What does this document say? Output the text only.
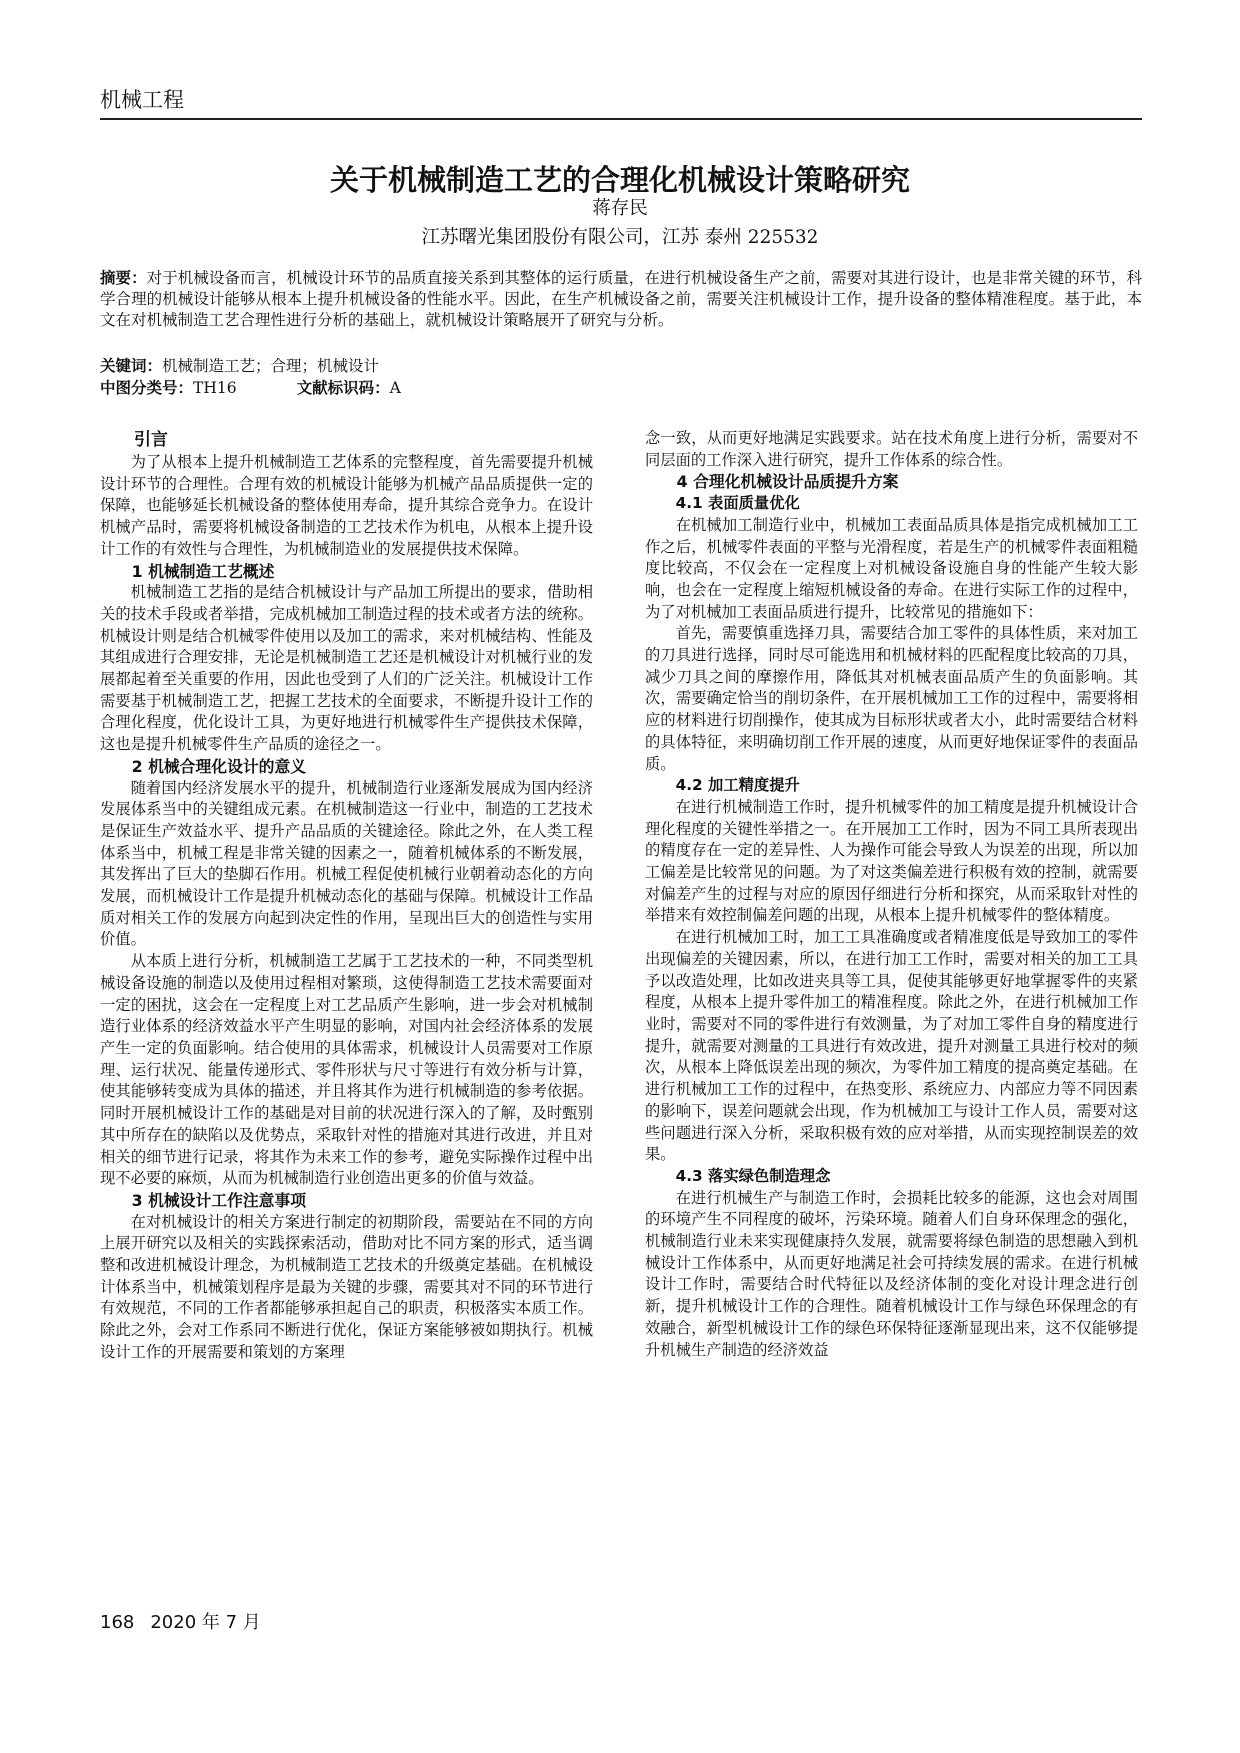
机械工程
关于机械制造工艺的合理化机械设计策略研究
蒋存民
江苏曙光集团股份有限公司，江苏 泰州 225532
摘要：对于机械设备而言，机械设计环节的品质直接关系到其整体的运行质量，在进行机械设备生产之前，需要对其进行设计，也是非常关键的环节，科学合理的机械设计能够从根本上提升机械设备的性能水平。因此，在生产机械设备之前，需要关注机械设计工作，提升设备的整体精准程度。基于此，本文在对机械制造工艺合理性进行分析的基础上，就机械设计策略展开了研究与分析。
关键词：机械制造工艺；合理；机械设计
中图分类号：TH16	文献标识码：A
引言

为了从根本上提升机械制造工艺体系的完整程度，首先需要提升机械设计环节的合理性。合理有效的机械设计能够为机械产品品质提供一定的保障，也能够延长机械设备的整体使用寿命，提升其综合竞争力。在设计机械产品时，需要将机械设备制造的工艺技术作为机电，从根本上提升设计工作的有效性与合理性，为机械制造业的发展提供技术保障。

1 机械制造工艺概述

机械制造工艺指的是结合机械设计与产品加工所提出的要求，借助相关的技术手段或者举措，完成机械加工制造过程的技术或者方法的统称。机械设计则是结合机械零件使用以及加工的需求，来对机械结构、性能及其组成进行合理安排，无论是机械制造工艺还是机械设计对机械行业的发展都起着至关重要的作用，因此也受到了人们的广泛关注。机械设计工作需要基于机械制造工艺，把握工艺技术的全面要求，不断提升设计工作的合理化程度，优化设计工具，为更好地进行机械零件生产提供技术保障，这也是提升机械零件生产品质的途径之一。

2 机械合理化设计的意义

随着国内经济发展水平的提升，机械制造行业逐渐发展成为国内经济发展体系当中的关键组成元素。在机械制造这一行业中，制造的工艺技术是保证生产效益水平、提升产品品质的关键途径。除此之外，在人类工程体系当中，机械工程是非常关键的因素之一，随着机械体系的不断发展，其发挥出了巨大的垫脚石作用。机械工程促使机械行业朝着动态化的方向发展，而机械设计工作是提升机械动态化的基础与保障。机械设计工作品质对相关工作的发展方向起到决定性的作用，呈现出巨大的创造性与实用价值。

从本质上进行分析，机械制造工艺属于工艺技术的一种，不同类型机械设备设施的制造以及使用过程相对繁琐，这使得制造工艺技术需要面对一定的困扰，这会在一定程度上对工艺品质产生影响，进一步会对机械制造行业体系的经济效益水平产生明显的影响，对国内社会经济体系的发展产生一定的负面影响。结合使用的具体需求，机械设计人员需要对工作原理、运行状况、能量传递形式、零件形状与尺寸等进行有效分析与计算，使其能够转变成为具体的描述，并且将其作为进行机械制造的参考依据。同时开展机械设计工作的基础是对目前的状况进行深入的了解，及时甄别其中所存在的缺陷以及优势点，采取针对性的措施对其进行改进，并且对相关的细节进行记录，将其作为未来工作的参考，避免实际操作过程中出现不必要的麻烦，从而为机械制造行业创造出更多的价值与效益。

3 机械设计工作注意事项

在对机械设计的相关方案进行制定的初期阶段，需要站在不同的方向上展开研究以及相关的实践探索活动，借助对比不同方案的形式，适当调整和改进机械设计理念，为机械制造工艺技术的升级奠定基础。在机械设计体系当中，机械策划程序是最为关键的步骤，需要其对不同的环节进行有效规范，不同的工作者都能够承担起自己的职责，积极落实本质工作。除此之外，会对工作系同不断进行优化，保证方案能够被如期执行。机械设计工作的开展需要和策划的方案理

念一致，从而更好地满足实践要求。站在技术角度上进行分析，需要对不同层面的工作深入进行研究，提升工作体系的综合性。

4 合理化机械设计品质提升方案
4.1 表面质量优化

在机械加工制造行业中，机械加工表面品质具体是指完成机械加工工作之后，机械零件表面的平整与光滑程度，若是生产的机械零件表面粗糙度比较高，不仅会在一定程度上对机械设备设施自身的性能产生较大影响，也会在一定程度上缩短机械设备的寿命。在进行实际工作的过程中，为了对机械加工表面品质进行提升，比较常见的措施如下：

首先，需要慎重选择刀具，需要结合加工零件的具体性质，来对加工的刀具进行选择，同时尽可能选用和机械材料的匹配程度比较高的刀具，减少刀具之间的摩擦作用，降低其对机械表面品质产生的负面影响。其次，需要确定恰当的削切条件，在开展机械加工工作的过程中，需要将相应的材料进行切削操作，使其成为目标形状或者大小，此时需要结合材料的具体特征，来明确切削工作开展的速度，从而更好地保证零件的表面品质。

4.2 加工精度提升

在进行机械制造工作时，提升机械零件的加工精度是提升机械设计合理化程度的关键性举措之一。在开展加工工作时，因为不同工具所表现出的精度存在一定的差异性、人为操作可能会导致人为误差的出现，所以加工偏差是比较常见的问题。为了对这类偏差进行积极有效的控制，就需要对偏差产生的过程与对应的原因仔细进行分析和探究，从而采取针对性的举措来有效控制偏差问题的出现，从根本上提升机械零件的整体精度。

在进行机械加工时，加工工具准确度或者精准度低是导致加工的零件出现偏差的关键因素，所以，在进行加工工作时，需要对相关的加工工具予以改造处理，比如改进夹具等工具，促使其能够更好地掌握零件的夹紧程度，从根本上提升零件加工的精准程度。除此之外，在进行机械加工作业时，需要对不同的零件进行有效测量，为了对加工零件自身的精度进行提升，就需要对测量的工具进行有效改进，提升对测量工具进行校对的频次，从根本上降低误差出现的频次，为零件加工精度的提高奠定基础。在进行机械加工工作的过程中，在热变形、系统应力、内部应力等不同因素的影响下，误差问题就会出现，作为机械加工与设计工作人员，需要对这些问题进行深入分析，采取积极有效的应对举措，从而实现控制误差的效果。

4.3 落实绿色制造理念

在进行机械生产与制造工作时，会损耗比较多的能源，这也会对周围的环境产生不同程度的破坏，污染环境。随着人们自身环保理念的强化，机械制造行业未来实现健康持久发展，就需要将绿色制造的思想融入到机械设计工作体系中，从而更好地满足社会可持续发展的需求。在进行机械设计工作时，需要结合时代特征以及经济体制的变化对设计理念进行创新，提升机械设计工作的合理性。随着机械设计工作与绿色环保理念的有效融合，新型机械设计工作的绿色环保特征逐渐显现出来，这不仅能够提升机械生产制造的经济效益

168 2020 年 7 月
